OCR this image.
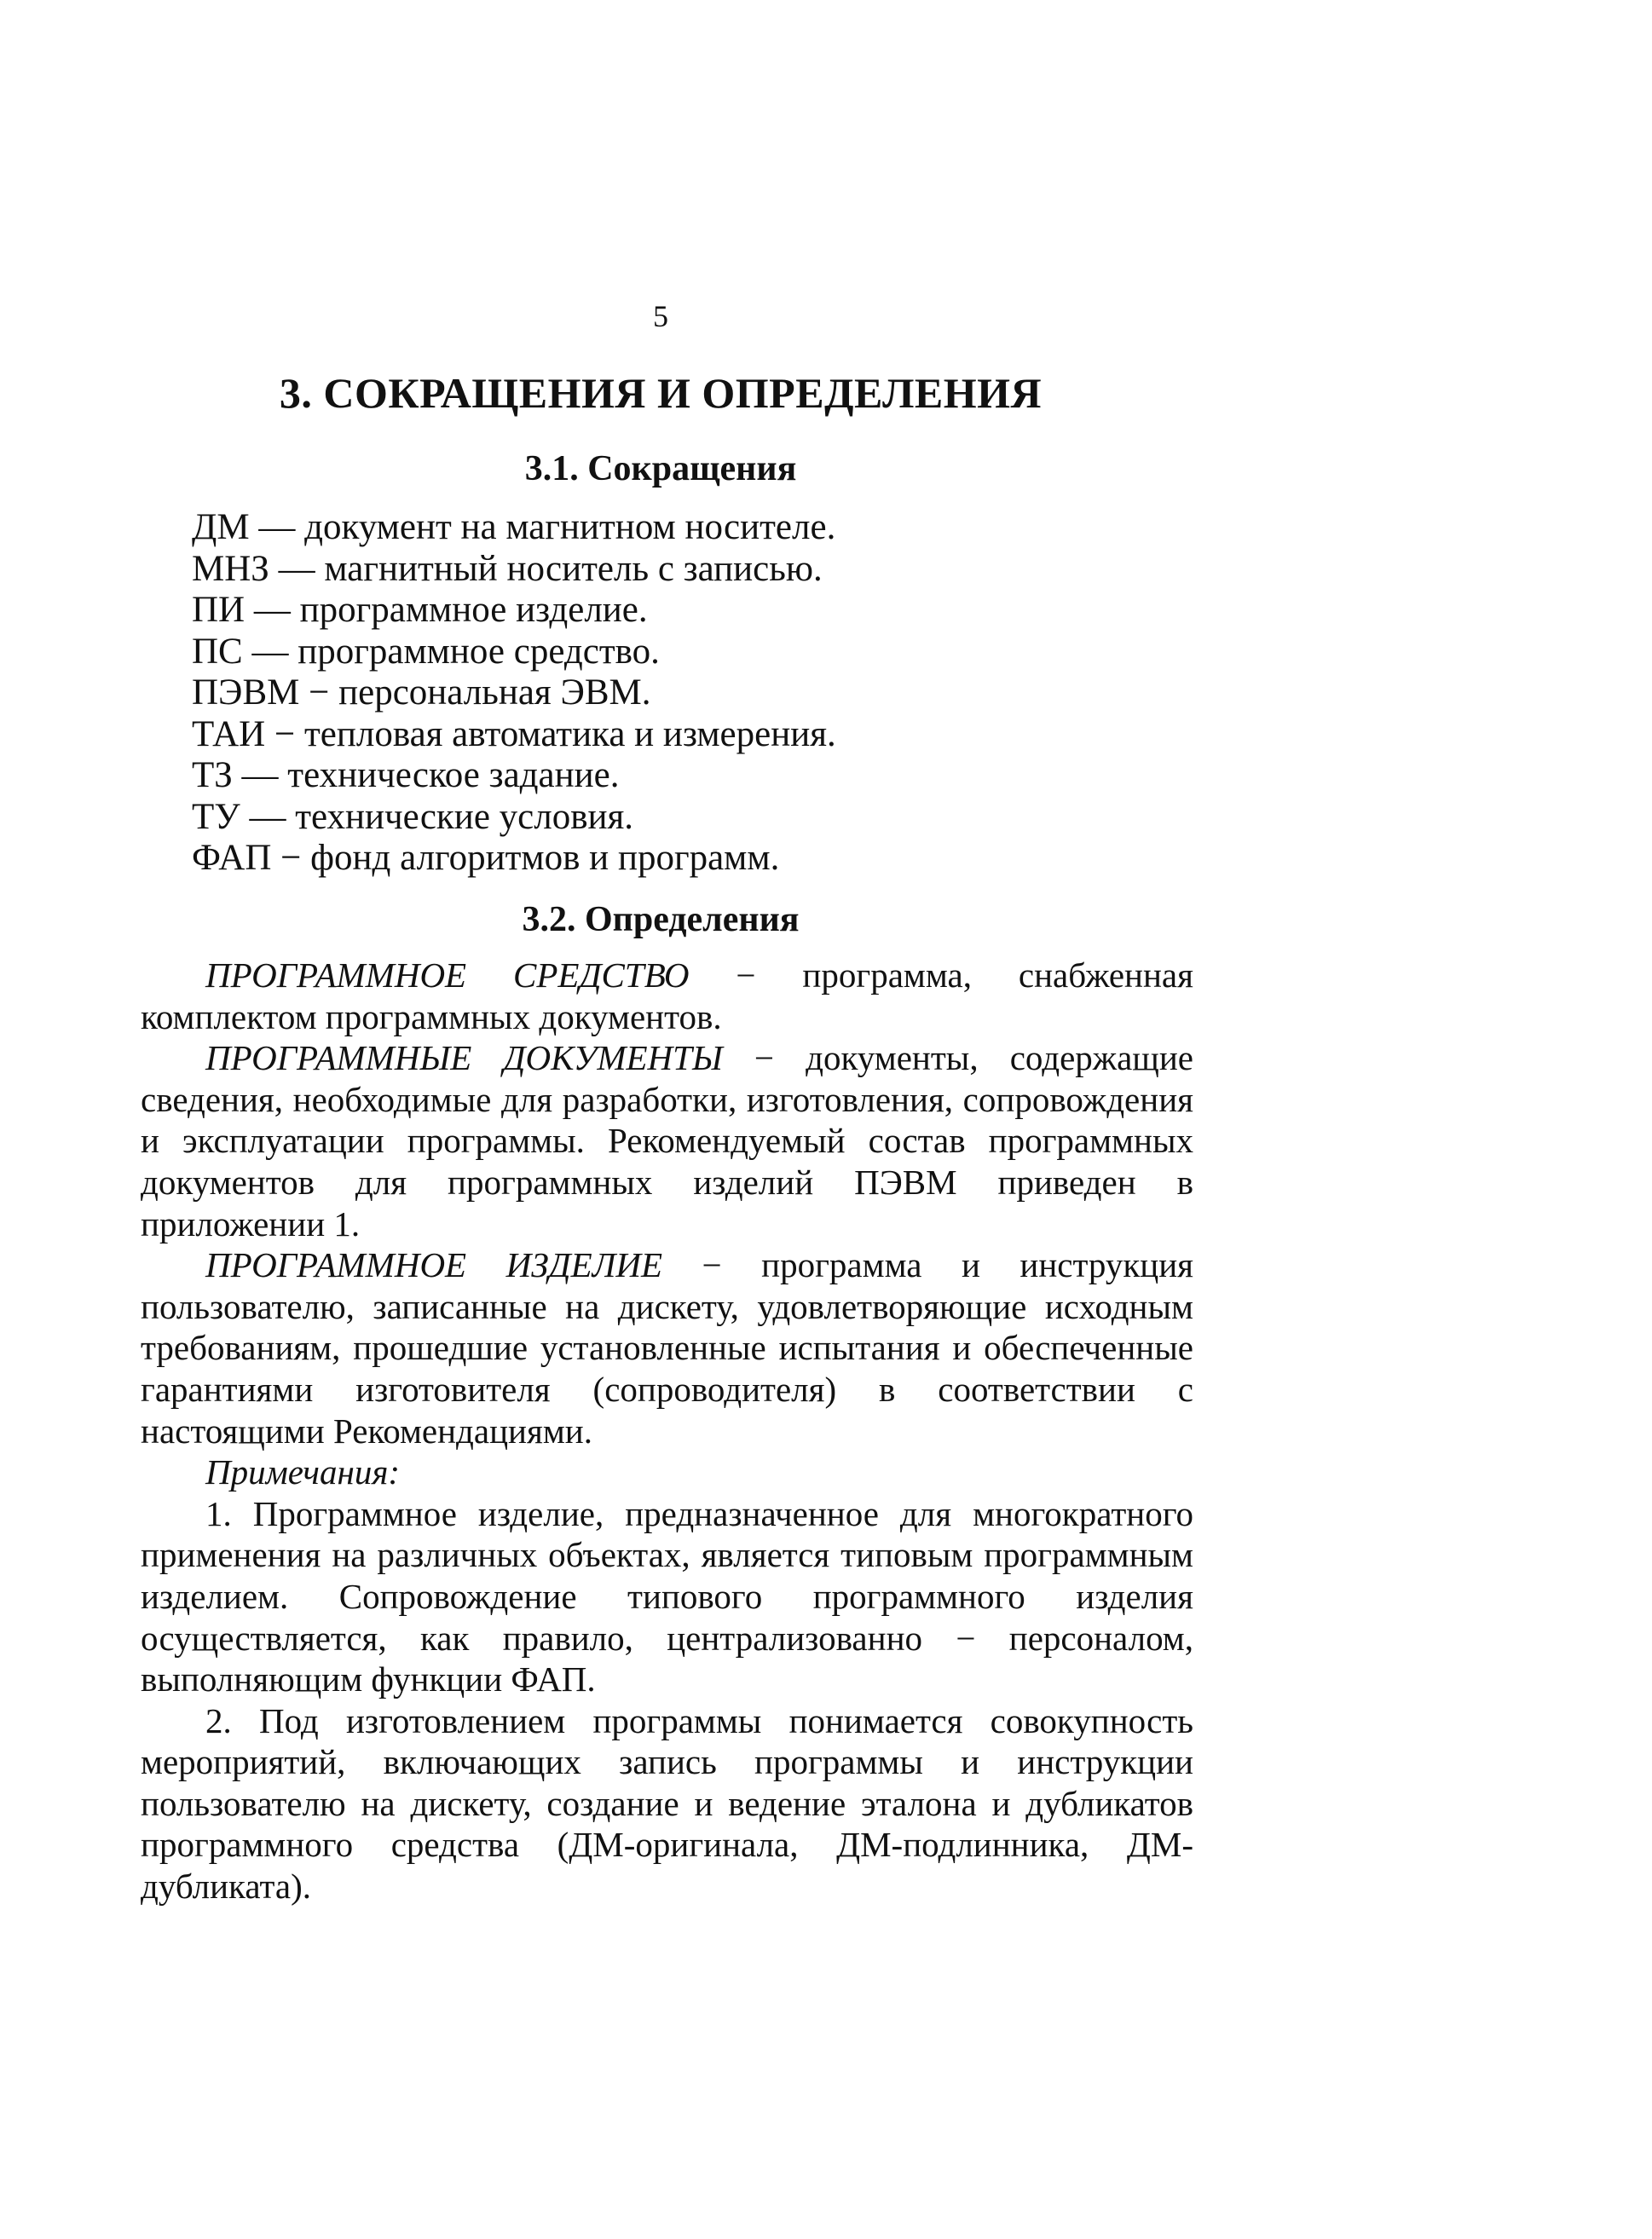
5
3. СОКРАЩЕНИЯ И ОПРЕДЕЛЕНИЯ
3.1. Сокращения
ДМ — документ на магнитном носителе.
МНЗ — магнитный носитель с записью.
ПИ — программное изделие.
ПС — программное средство.
ПЭВМ − персональная ЭВМ.
ТАИ − тепловая автоматика и измерения.
ТЗ — техническое задание.
ТУ — технические условия.
ФАП − фонд алгоритмов и программ.
3.2. Определения

ПРОГРАММНОЕ СРЕДСТВО − программа, снабженная комплектом программных документов.

ПРОГРАММНЫЕ ДОКУМЕНТЫ − документы, содержащие сведения, необходимые для разработки, изготовления, сопровождения и эксплуатации программы. Рекомендуемый состав программных документов для программных изделий ПЭВМ приведен в приложении 1.

ПРОГРАММНОЕ ИЗДЕЛИЕ − программа и инструкция пользователю, записанные на дискету, удовлетворяющие исходным требованиям, прошедшие установленные испытания и обеспеченные гарантиями изготовителя (сопроводителя) в соответствии с настоящими Рекомендациями.

Примечания:

1. Программное изделие, предназначенное для многократного применения на различных объектах, является типовым программным изделием. Сопровождение типового программного изделия осуществляется, как правило, централизованно − персоналом, выполняющим функции ФАП.

2. Под изготовлением программы понимается совокупность мероприятий, включающих запись программы и инструкции пользователю на дискету, создание и ведение эталона и дубликатов программного средства (ДМ-оригинала, ДМ-подлинника, ДМ-дубликата).
